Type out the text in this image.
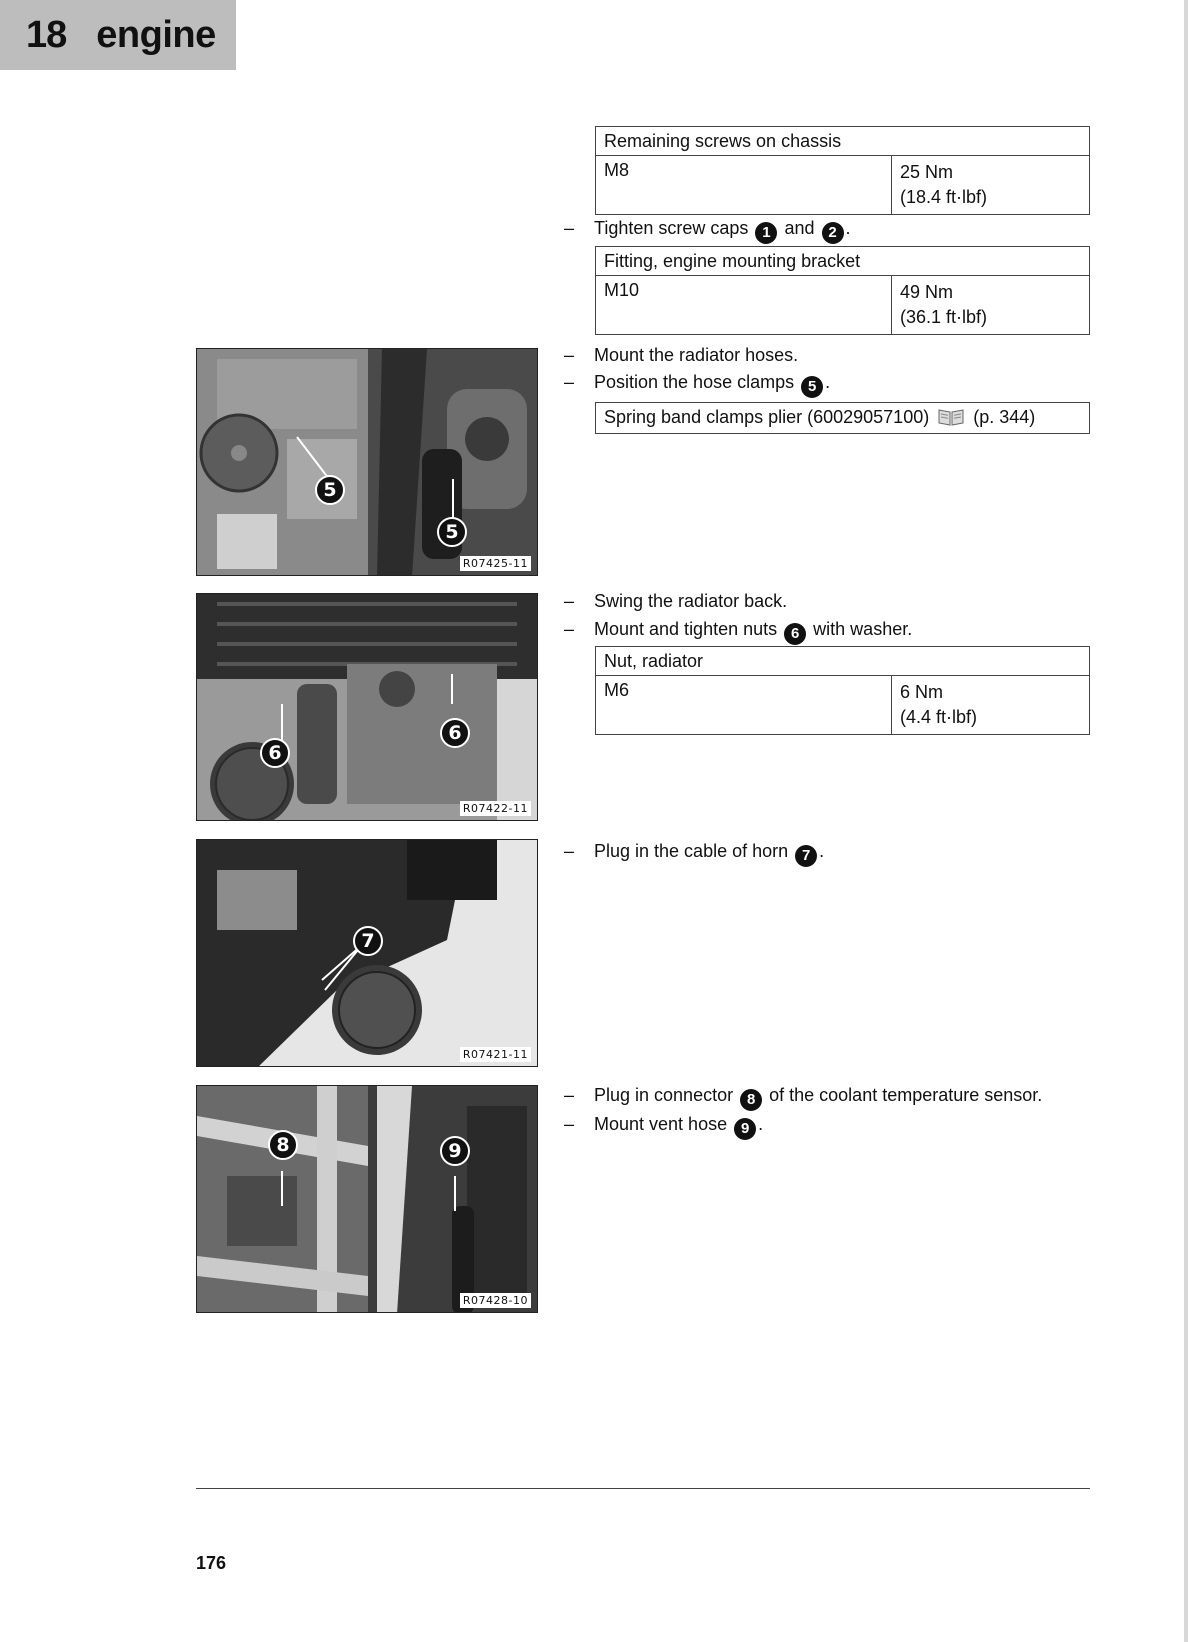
18 engine
Remaining screws on chassis
M8	25 Nm
(18.4 ft·lbf)
– Tighten screw caps 1 and 2 .
Fitting, engine mounting bracket
M10	49 Nm
(36.1 ft·lbf)
– Mount the radiator hoses.
– Position the hose clamps 5 .
Spring band clamps plier (60029057100) (p. 344)
5
5
R07425-11
– Swing the radiator back.
– Mount and tighten nuts 6 with washer.
Nut, radiator
M6	6 Nm
(4.4 ft·lbf)
6
6
R07422-11
– Plug in the cable of horn 7 .
7
R07421-11
– Plug in connector 8 of the coolant temperature sensor.
– Mount vent hose 9 .
8	9
R07428-10
176
